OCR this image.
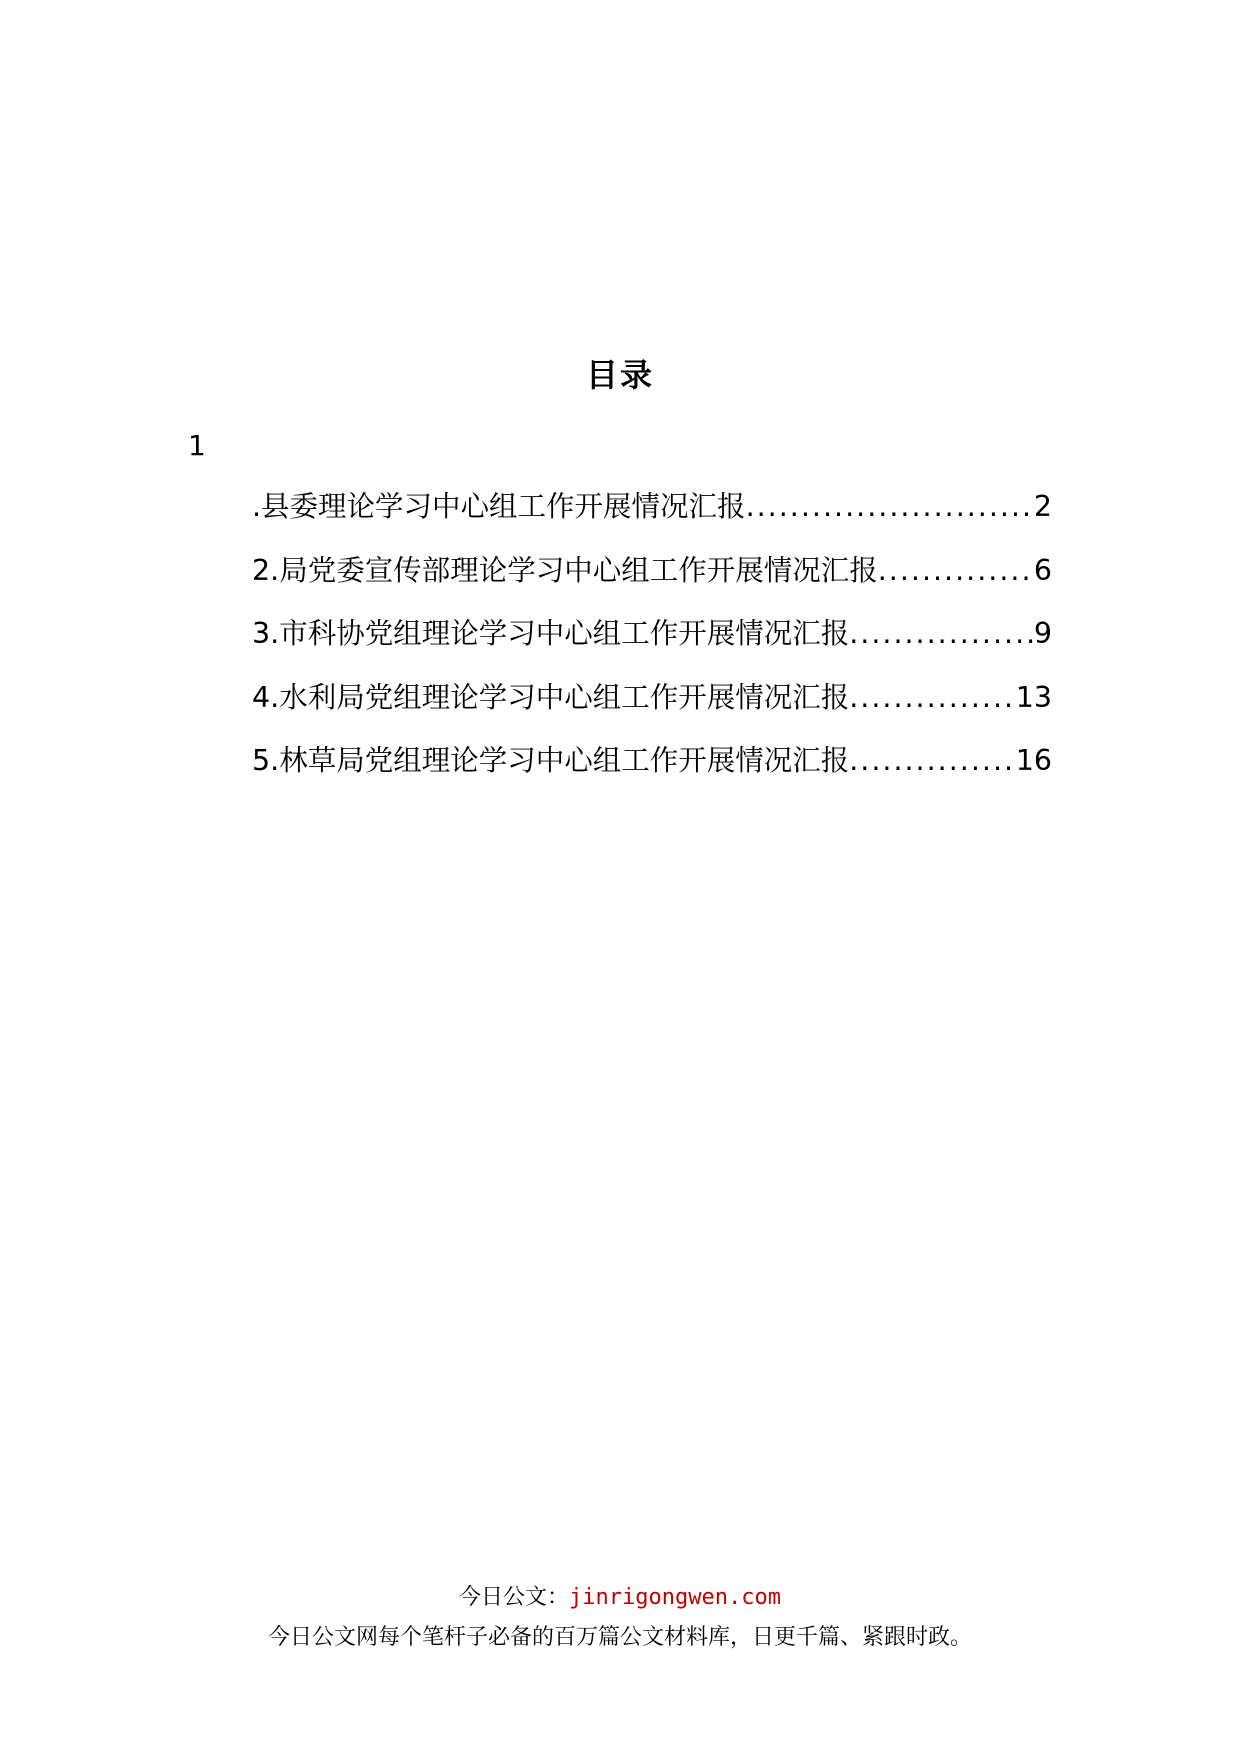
目录
1
.县委理论学习中心组工作开展情况汇报 .....	2
2.局党委宣传部理论学习中心组工作开展情况汇报 .....	6
3.市科协党组理论学习中心组工作开展情况汇报 .....	9
4.水利局党组理论学习中心组工作开展情况汇报 .....	13
5.林草局党组理论学习中心组工作开展情况汇报 .....	16
今日公文：jinrigongwen.com
今日公文网每个笔杆子必备的百万篇公文材料库，日更千篇、紧跟时政。
